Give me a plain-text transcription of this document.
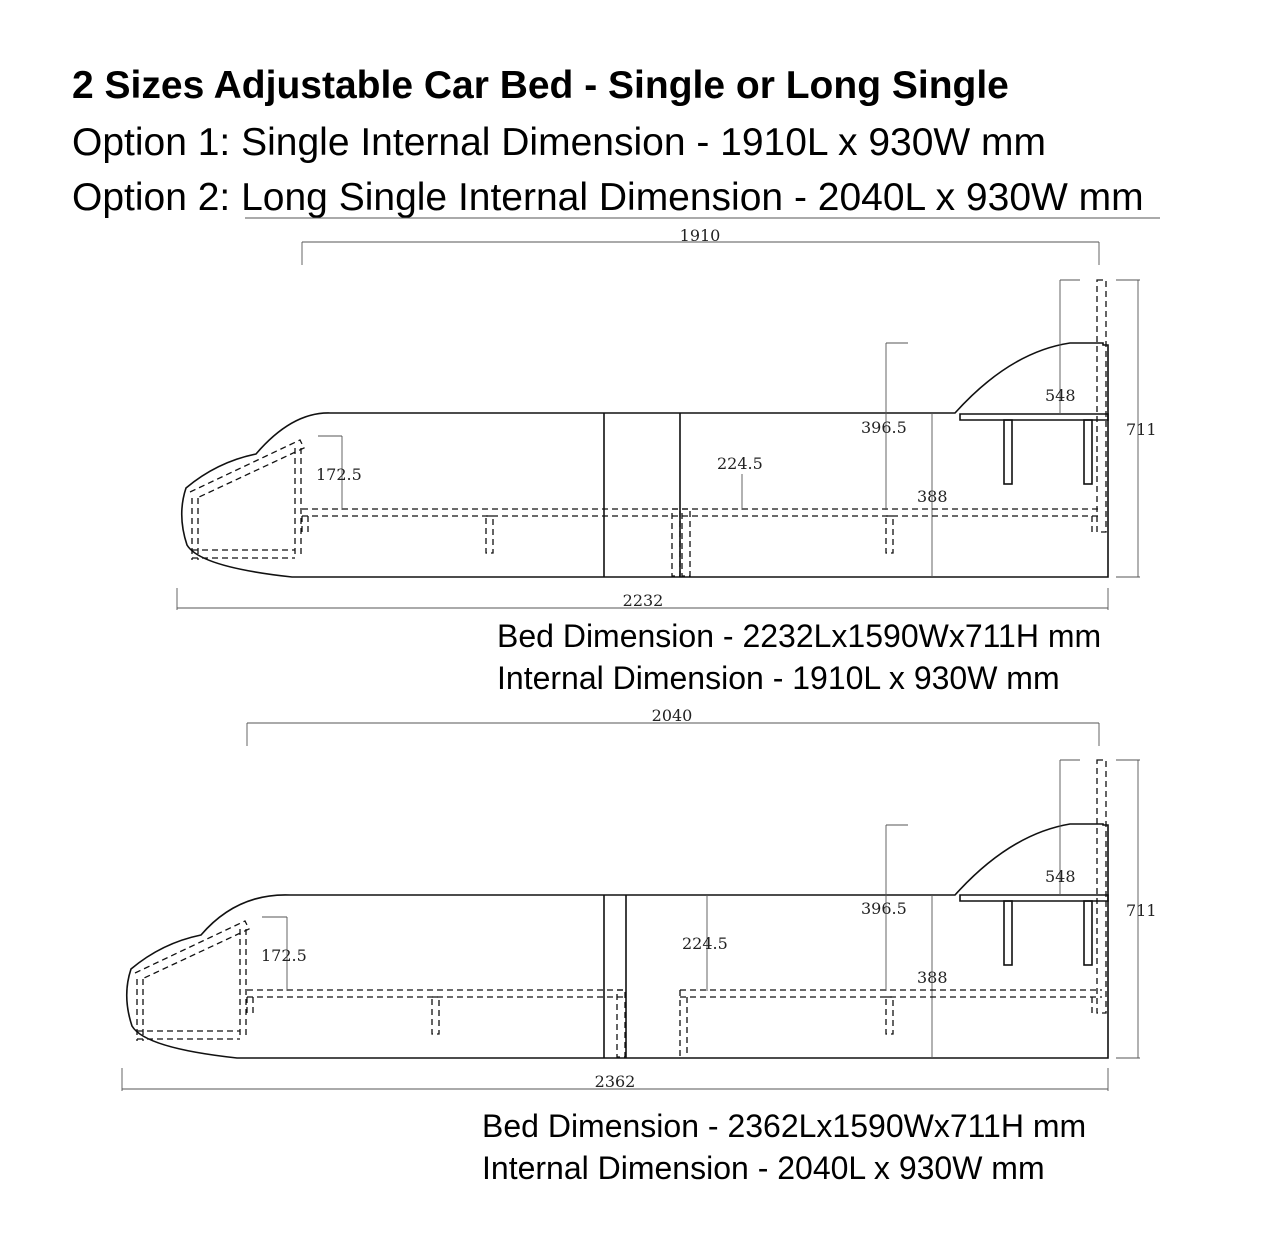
2 Sizes Adjustable Car Bed - Single or Long Single
Option 1: Single Internal Dimension - 1910L x 930W mm
Option 2: Long Single Internal Dimension - 2040L x 930W mm
1910
172.5
224.5
396.5
388
548
711
2232
2040
172.5
224.5
396.5
388
548
711
2362
Bed Dimension - 2232Lx1590Wx711H mm
Internal Dimension - 1910L x 930W mm
Bed Dimension - 2362Lx1590Wx711H mm
Internal Dimension - 2040L x 930W mm
